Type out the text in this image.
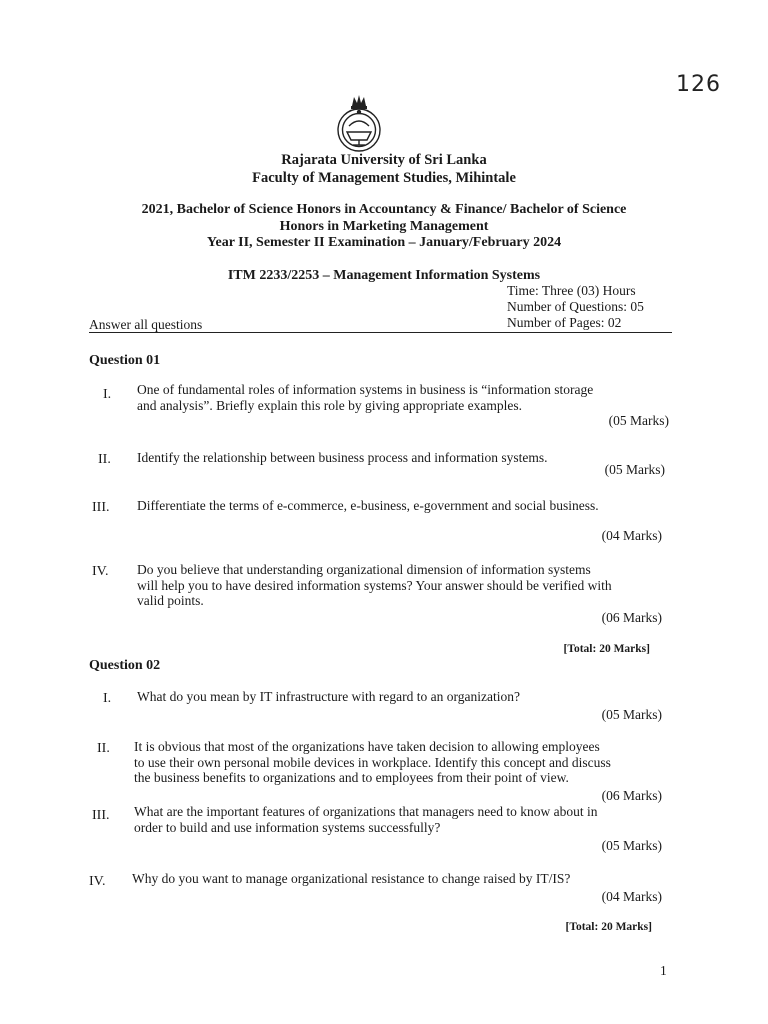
126
Rajarata University of Sri Lanka
Faculty of Management Studies, Mihintale
2021, Bachelor of Science Honors in Accountancy & Finance/ Bachelor of Science
Honors in Marketing Management
Year II, Semester II Examination – January/February 2024
ITM 2233/2253 – Management Information Systems
Time: Three (03) Hours
Number of Questions: 05
Number of Pages: 02
Answer all questions
Question 01
I. One of fundamental roles of information systems in business is “information storage
and analysis”. Briefly explain this role by giving appropriate examples.
(05 Marks)
II. Identify the relationship between business process and information systems.
(05 Marks)
III. Differentiate the terms of e-commerce, e-business, e-government and social business.
(04 Marks)
IV. Do you believe that understanding organizational dimension of information systems
will help you to have desired information systems? Your answer should be verified with
valid points.
(06 Marks)
[Total: 20 Marks]
Question 02
I. What do you mean by IT infrastructure with regard to an organization?
(05 Marks)
II. It is obvious that most of the organizations have taken decision to allowing employees
to use their own personal mobile devices in workplace. Identify this concept and discuss
the business benefits to organizations and to employees from their point of view.
(06 Marks)
III. What are the important features of organizations that managers need to know about in
order to build and use information systems successfully?
(05 Marks)
IV. Why do you want to manage organizational resistance to change raised by IT/IS?
(04 Marks)
[Total: 20 Marks]
1
